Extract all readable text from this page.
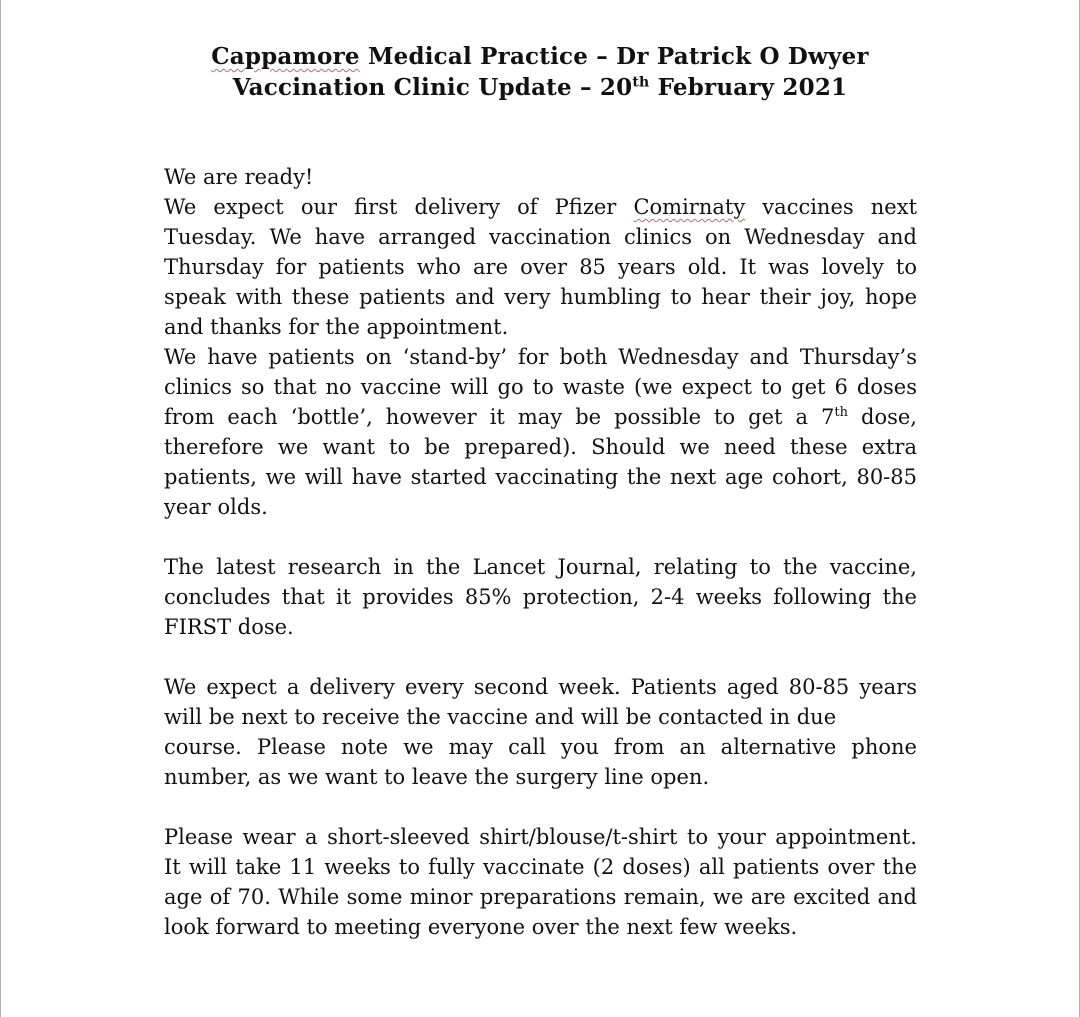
Cappamore Medical Practice – Dr Patrick O Dwyer
Vaccination Clinic Update – 20th February 2021
We are ready!
We expect our first delivery of Pfizer Comirnaty vaccines next Tuesday. We have arranged vaccination clinics on Wednesday and Thursday for patients who are over 85 years old. It was lovely to speak with these patients and very humbling to hear their joy, hope and thanks for the appointment.
We have patients on ‘stand-by’ for both Wednesday and Thursday’s clinics so that no vaccine will go to waste (we expect to get 6 doses from each ‘bottle’, however it may be possible to get a 7th dose, therefore we want to be prepared). Should we need these extra patients, we will have started vaccinating the next age cohort, 80-85 year olds.
The latest research in the Lancet Journal, relating to the vaccine, concludes that it provides 85% protection, 2-4 weeks following the FIRST dose.
We expect a delivery every second week. Patients aged 80-85 years will be next to receive the vaccine and will be contacted in due
course. Please note we may call you from an alternative phone number, as we want to leave the surgery line open.
Please wear a short-sleeved shirt/blouse/t-shirt to your appointment. It will take 11 weeks to fully vaccinate (2 doses) all patients over the age of 70. While some minor preparations remain, we are excited and look forward to meeting everyone over the next few weeks.
